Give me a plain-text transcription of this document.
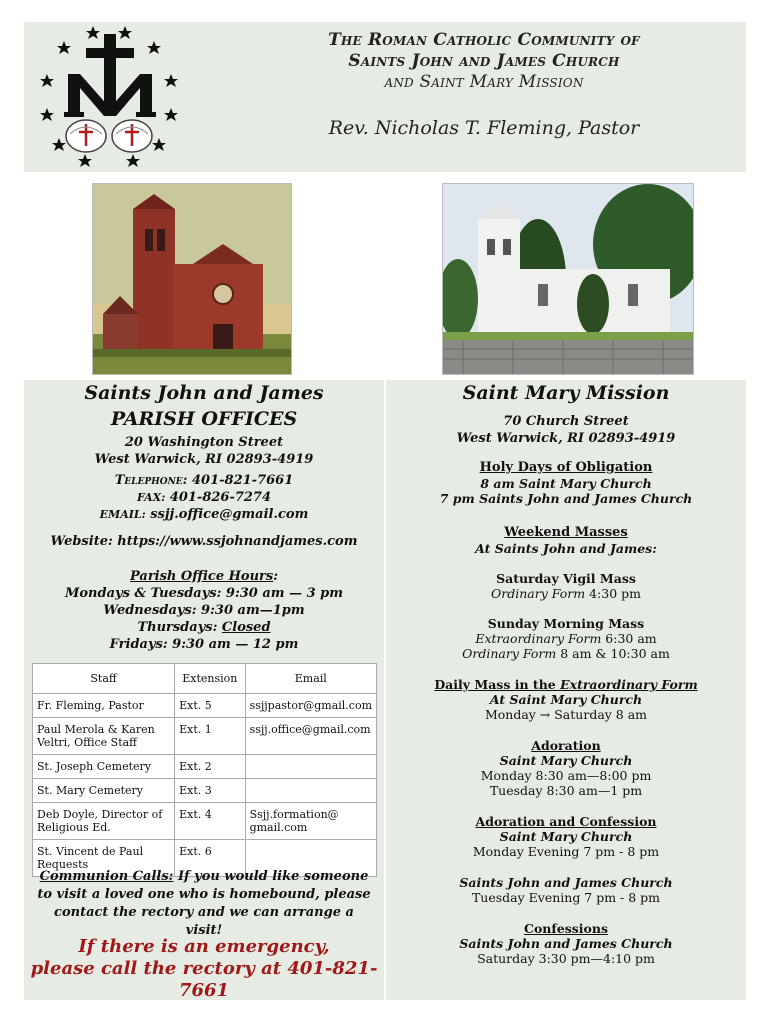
The Roman Catholic Community of
Saints John and James Church
and Saint Mary Mission
Rev. Nicholas T. Fleming, Pastor
Saints John and James
PARISH OFFICES
20 Washington Street
West Warwick, RI 02893-4919
Telephone: 401-821-7661
FAX: 401-826-7274
EMAIL: ssjj.office@gmail.com
Website: https://www.ssjohnandjames.com
Parish Office Hours:
Mondays & Tuesdays: 9:30 am — 3 pm
Wednesdays: 9:30 am—1pm
Thursdays: Closed
Fridays: 9:30 am — 12 pm
Staff	Extension	Email
Fr. Fleming, Pastor	Ext. 5	ssjjpastor@gmail.com
Paul Merola & Karen Veltri, Office Staff	Ext. 1	ssjj.office@gmail.com
St. Joseph Cemetery	Ext. 2	
St. Mary Cemetery	Ext. 3	
Deb Doyle, Director of Religious Ed.	Ext. 4	Ssjj.formation@ gmail.com
St. Vincent de Paul Requests	Ext. 6	
Communion Calls: If you would like someone to visit a loved one who is homebound, please contact the rectory and we can arrange a visit!
If there is an emergency,
please call the rectory at 401-821-7661
Saint Mary Mission
70 Church Street
West Warwick, RI 02893-4919
Holy Days of Obligation
8 am Saint Mary Church
7 pm Saints John and James Church
Weekend Masses
At Saints John and James:
Saturday Vigil Mass
Ordinary Form 4:30 pm
Sunday Morning Mass
Extraordinary Form 6:30 am
Ordinary Form 8 am & 10:30 am
Daily Mass in the Extraordinary Form
At Saint Mary Church
Monday → Saturday 8 am
Adoration
Saint Mary Church
Monday 8:30 am—8:00 pm
Tuesday 8:30 am—1 pm
Adoration and Confession
Saint Mary Church
Monday Evening 7 pm - 8 pm
Saints John and James Church
Tuesday Evening 7 pm - 8 pm
Confessions
Saints John and James Church
Saturday 3:30 pm—4:10 pm
